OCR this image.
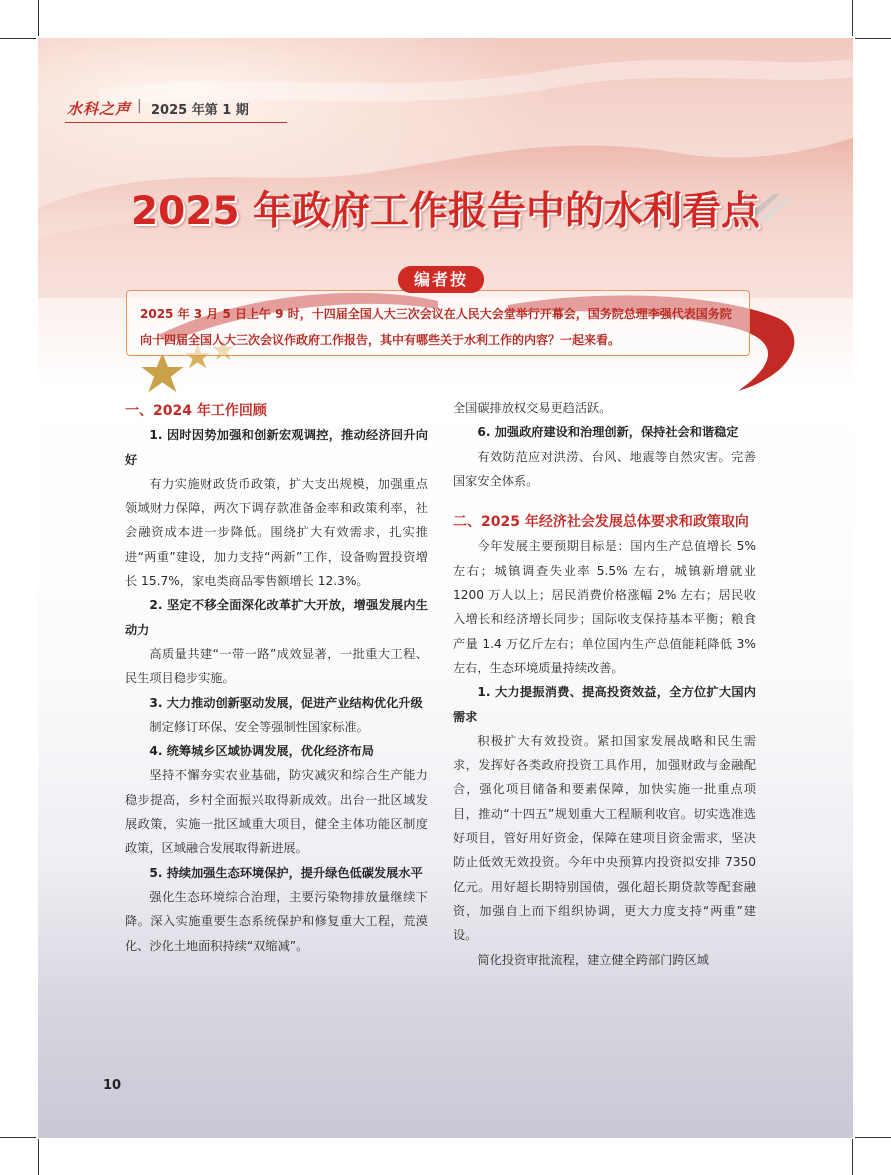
水科之声 | 2025 年第 1 期
2025 年政府工作报告中的水利看点
编者按
2025 年 3 月 5 日上午 9 时，十四届全国人大三次会议在人民大会堂举行开幕会，国务院总理李强代表国务院向十四届全国人大三次会议作政府工作报告，其中有哪些关于水利工作的内容？一起来看。

一、2024 年工作回顾

1. 因时因势加强和创新宏观调控，推动经济回升向好

有力实施财政货币政策，扩大支出规模，加强重点领域财力保障，两次下调存款准备金率和政策利率，社会融资成本进一步降低。围绕扩大有效需求，扎实推进“两重”建设，加力支持“两新”工作，设备购置投资增长 15.7%，家电类商品零售额增长 12.3%。

2. 坚定不移全面深化改革扩大开放，增强发展内生动力

高质量共建“一带一路”成效显著，一批重大工程、民生项目稳步实施。

3. 大力推动创新驱动发展，促进产业结构优化升级

制定修订环保、安全等强制性国家标准。

4. 统筹城乡区域协调发展，优化经济布局

坚持不懈夯实农业基础，防灾减灾和综合生产能力稳步提高，乡村全面振兴取得新成效。出台一批区域发展政策，实施一批区域重大项目，健全主体功能区制度政策，区域融合发展取得新进展。

5. 持续加强生态环境保护，提升绿色低碳发展水平

强化生态环境综合治理，主要污染物排放量继续下降。深入实施重要生态系统保护和修复重大工程，荒漠化、沙化土地面积持续“双缩减”。

全国碳排放权交易更趋活跃。

6. 加强政府建设和治理创新，保持社会和谐稳定

有效防范应对洪涝、台风、地震等自然灾害。完善国家安全体系。

二、2025 年经济社会发展总体要求和政策取向

今年发展主要预期目标是：国内生产总值增长 5% 左右；城镇调查失业率 5.5% 左右，城镇新增就业 1200 万人以上；居民消费价格涨幅 2% 左右；居民收入增长和经济增长同步；国际收支保持基本平衡；粮食产量 1.4 万亿斤左右；单位国内生产总值能耗降低 3% 左右，生态环境质量持续改善。

1. 大力提振消费、提高投资效益，全方位扩大国内需求

积极扩大有效投资。紧扣国家发展战略和民生需求，发挥好各类政府投资工具作用，加强财政与金融配合，强化项目储备和要素保障，加快实施一批重点项目，推动“十四五”规划重大工程顺利收官。切实选准选好项目，管好用好资金，保障在建项目资金需求，坚决防止低效无效投资。今年中央预算内投资拟安排 7350 亿元。用好超长期特别国债，强化超长期贷款等配套融资，加强自上而下组织协调，更大力度支持“两重”建设。

简化投资审批流程，建立健全跨部门跨区域

10
